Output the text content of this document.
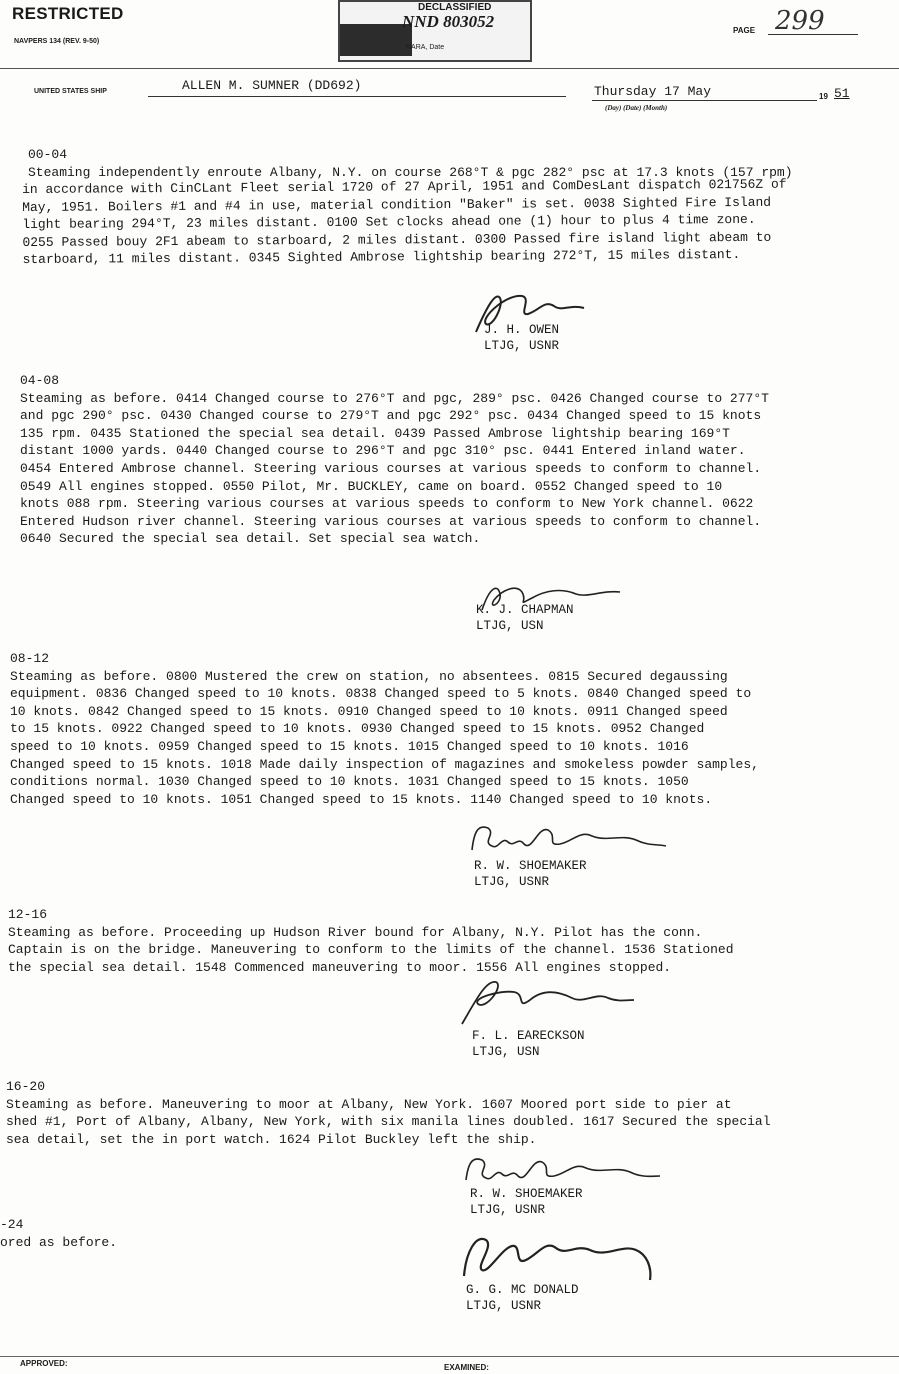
RESTRICTED
NAVPERS 134 (REV. 9-50)
DECLASSIFIED
NND 803052
NARA, Date
PAGE 299
UNITED STATES SHIP	ALLEN M. SUMNER (DD692)	Thursday 17 May
(Day) (Date) (Month)
19 51
00-04
Steaming independently enroute Albany, N.Y. on course 268°T & pgc 282° psc at 17.3 knots (157 rpm)
in accordance with CinCLant Fleet serial 1720 of 27 April, 1951 and ComDesLant dispatch 021756Z of
May, 1951. Boilers #1 and #4 in use, material condition "Baker" is set. 0038 Sighted Fire Island
light bearing 294°T, 23 miles distant. 0100 Set clocks ahead one (1) hour to plus 4 time zone.
0255 Passed bouy 2F1 abeam to starboard, 2 miles distant. 0300 Passed fire island light abeam to
starboard, 11 miles distant. 0345 Sighted Ambrose lightship bearing 272°T, 15 miles distant.
J. H. OWEN
LTJG, USNR
04-08
Steaming as before. 0414 Changed course to 276°T and pgc, 289° psc. 0426 Changed course to 277°T
and pgc 290° psc. 0430 Changed course to 279°T and pgc 292° psc. 0434 Changed speed to 15 knots
135 rpm. 0435 Stationed the special sea detail. 0439 Passed Ambrose lightship bearing 169°T
distant 1000 yards. 0440 Changed course to 296°T and pgc 310° psc. 0441 Entered inland water.
0454 Entered Ambrose channel. Steering various courses at various speeds to conform to channel.
0549 All engines stopped. 0550 Pilot, Mr. BUCKLEY, came on board. 0552 Changed speed to 10
knots 088 rpm. Steering various courses at various speeds to conform to New York channel. 0622
Entered Hudson river channel. Steering various courses at various speeds to conform to channel.
0640 Secured the special sea detail. Set special sea watch.
K. J. CHAPMAN
LTJG, USN
08-12
Steaming as before. 0800 Mustered the crew on station, no absentees. 0815 Secured degaussing
equipment. 0836 Changed speed to 10 knots. 0838 Changed speed to 5 knots. 0840 Changed speed to
10 knots. 0842 Changed speed to 15 knots. 0910 Changed speed to 10 knots. 0911 Changed speed
to 15 knots. 0922 Changed speed to 10 knots. 0930 Changed speed to 15 knots. 0952 Changed
speed to 10 knots. 0959 Changed speed to 15 knots. 1015 Changed speed to 10 knots. 1016
Changed speed to 15 knots. 1018 Made daily inspection of magazines and smokeless powder samples,
conditions normal. 1030 Changed speed to 10 knots. 1031 Changed speed to 15 knots. 1050
Changed speed to 10 knots. 1051 Changed speed to 15 knots. 1140 Changed speed to 10 knots.
R. W. SHOEMAKER
LTJG, USNR
12-16
Steaming as before. Proceeding up Hudson River bound for Albany, N.Y. Pilot has the conn.
Captain is on the bridge. Maneuvering to conform to the limits of the channel. 1536 Stationed
the special sea detail. 1548 Commenced maneuvering to moor. 1556 All engines stopped.
F. L. EARECKSON
LTJG, USN
16-20
Steaming as before. Maneuvering to moor at Albany, New York. 1607 Moored port side to pier at
shed #1, Port of Albany, Albany, New York, with six manila lines doubled. 1617 Secured the special
sea detail, set the in port watch. 1624 Pilot Buckley left the ship.
R. W. SHOEMAKER
LTJG, USNR
-24
ored as before.
G. G. MC DONALD
LTJG, USNR
APPROVED:	EXAMINED:
